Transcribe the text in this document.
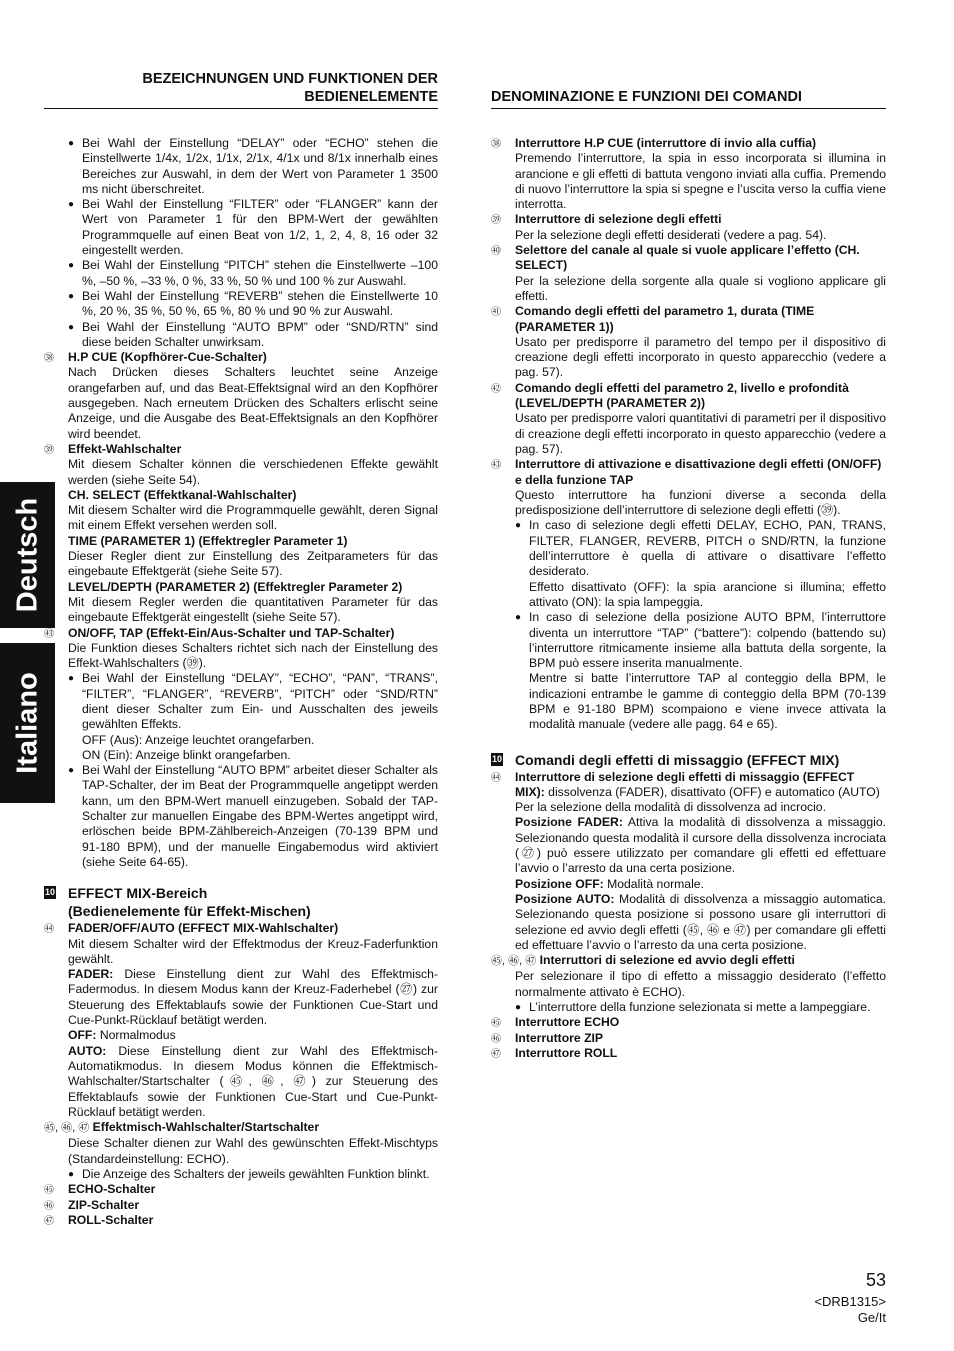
BEZEICHNUNGEN UND FUNKTIONEN DER BEDIENELEMENTE
● Bei Wahl der Einstellung “DELAY” oder “ECHO” stehen die Einstellwerte 1/4x, 1/2x, 1/1x, 2/1x, 4/1x und 8/1x innerhalb eines Bereiches zur Auswahl, in dem der Wert von Parameter 1 3500 ms nicht überschreitet.
● Bei Wahl der Einstellung “FILTER” oder “FLANGER” kann der Wert von Parameter 1 für den BPM-Wert der gewählten Programmquelle auf einen Beat von 1/2, 1, 2, 4, 8, 16 oder 32 eingestellt werden.
● Bei Wahl der Einstellung “PITCH” stehen die Einstellwerte –100 %, –50 %, –33 %, 0 %, 33 %, 50 % und 100 % zur Auswahl.
● Bei Wahl der Einstellung “REVERB” stehen die Einstellwerte 10 %, 20 %, 35 %, 50 %, 65 %, 80 % und 90 % zur Auswahl.
● Bei Wahl der Einstellung “AUTO BPM” oder “SND/RTN” sind diese beiden Schalter unwirksam.
㊳ H.P CUE (Kopfhörer-Cue-Schalter)
Nach Drücken dieses Schalters leuchtet seine Anzeige orangefarben auf, und das Beat-Effektsignal wird an den Kopfhörer ausgegeben. Nach erneutem Drücken des Schalters erlischt seine Anzeige, und die Ausgabe des Beat-Effektsignals an den Kopfhörer wird beendet.
㊴ Effekt-Wahlschalter
Mit diesem Schalter können die verschiedenen Effekte gewählt werden (siehe Seite 54).
CH. SELECT (Effektkanal-Wahlschalter)
Mit diesem Schalter wird die Programmquelle gewählt, deren Signal mit einem Effekt versehen werden soll.
TIME (PARAMETER 1) (Effektregler Parameter 1)
Dieser Regler dient zur Einstellung des Zeitparameters für das eingebaute Effektgerät (siehe Seite 57).
LEVEL/DEPTH (PARAMETER 2) (Effektregler Parameter 2)
Mit diesem Regler werden die quantitativen Parameter für das eingebaute Effektgerät eingestellt (siehe Seite 57).
㊸ ON/OFF, TAP (Effekt-Ein/Aus-Schalter und TAP-Schalter)
Die Funktion dieses Schalters richtet sich nach der Einstellung des Effekt-Wahlschalters (㊴).
● Bei Wahl der Einstellung “DELAY”, “ECHO”, “PAN”, “TRANS”, “FILTER”, “FLANGER”, “REVERB”, “PITCH” oder “SND/RTN” dient dieser Schalter zum Ein- und Ausschalten des jeweils gewählten Effekts.
OFF (Aus): Anzeige leuchtet orangefarben.
ON (Ein): Anzeige blinkt orangefarben.
● Bei Wahl der Einstellung “AUTO BPM” arbeitet dieser Schalter als TAP-Schalter, der im Beat der Programmquelle angetippt werden kann, um den BPM-Wert manuell einzugeben. Sobald der TAP-Schalter zur manuellen Eingabe des BPM-Wertes angetippt wird, erlöschen beide BPM-Zählbereich-Anzeigen (70-139 BPM und 91-180 BPM), und der manuelle Eingabemodus wird aktiviert (siehe Seite 64-65).
10 EFFECT MIX-Bereich
(Bedienelemente für Effekt-Mischen)
㊹ FADER/OFF/AUTO (EFFECT MIX-Wahlschalter)
Mit diesem Schalter wird der Effektmodus der Kreuz-Faderfunktion gewählt.
FADER: Diese Einstellung dient zur Wahl des Effektmisch-Fadermodus. In diesem Modus kann der Kreuz-Faderhebel (㉗) zur Steuerung des Effektablaufs sowie der Funktionen Cue-Start und Cue-Punkt-Rücklauf betätigt werden.
OFF: Normalmodus
AUTO: Diese Einstellung dient zur Wahl des Effektmisch-Automatikmodus. In diesem Modus können die Effektmisch-Wahlschalter/Startschalter (㊺, ㊻, ㊼) zur Steuerung des Effektablaufs sowie der Funktionen Cue-Start und Cue-Punkt-Rücklauf betätigt werden.
㊺, ㊻, ㊼ Effektmisch-Wahlschalter/Startschalter
Diese Schalter dienen zur Wahl des gewünschten Effekt-Mischtyps (Standardeinstellung: ECHO).
● Die Anzeige des Schalters der jeweils gewählten Funktion blinkt.
㊺ ECHO-Schalter
㊻ ZIP-Schalter
㊼ ROLL-Schalter
DENOMINAZIONE E FUNZIONI DEI COMANDI
㊳ Interruttore H.P CUE (interruttore di invio alla cuffia)
Premendo l’interruttore, la spia in esso incorporata si illumina in arancione e gli effetti di battuta vengono inviati alla cuffia. Premendo di nuovo l’interruttore la spia si spegne e l’uscita verso la cuffia viene interrotta.
㊴ Interruttore di selezione degli effetti
Per la selezione degli effetti desiderati (vedere a pag. 54).
㊵ Selettore del canale al quale si vuole applicare l’effetto (CH. SELECT)
Per la selezione della sorgente alla quale si vogliono applicare gli effetti.
㊶ Comando degli effetti del parametro 1, durata (TIME (PARAMETER 1))
Usato per predisporre il parametro del tempo per il dispositivo di creazione degli effetti incorporato in questo apparecchio (vedere a pag. 57).
㊷ Comando degli effetti del parametro 2, livello e profondità (LEVEL/DEPTH (PARAMETER 2))
Usato per predisporre valori quantitativi di parametri per il dispositivo di creazione degli effetti incorporato in questo apparecchio (vedere a pag. 57).
㊸ Interruttore di attivazione e disattivazione degli effetti (ON/OFF) e della funzione TAP
Questo interruttore ha funzioni diverse a seconda della predisposizione dell’interruttore di selezione degli effetti (㊴).
● In caso di selezione degli effetti DELAY, ECHO, PAN, TRANS, FILTER, FLANGER, REVERB, PITCH o SND/RTN, la funzione dell’interruttore è quella di attivare o disattivare l’effetto desiderato.
Effetto disattivato (OFF): la spia arancione si illumina; effetto attivato (ON): la spia lampeggia.
● In caso di selezione della posizione AUTO BPM, l’interruttore diventa un interruttore “TAP” (“battere”): colpendo (battendo su) l’interruttore ritmicamente insieme alla battuta della sorgente, la BPM può essere inserita manualmente.
Mentre si batte l’interruttore TAP al conteggio della BPM, le indicazioni entrambe le gamme di conteggio della BPM (70-139 BPM e 91-180 BPM) scompaiono e viene invece attivata la modalità manuale (vedere alle pagg. 64 e 65).
10 Comandi degli effetti di missaggio (EFFECT MIX)
㊹ Interruttore di selezione degli effetti di missaggio (EFFECT MIX): dissolvenza (FADER), disattivato (OFF) e automatico (AUTO)
Per la selezione della modalità di dissolvenza ad incrocio.
Posizione FADER: Attiva la modalità di dissolvenza a missaggio. Selezionando questa modalità il cursore della dissolvenza incrociata (㉗) può essere utilizzato per comandare gli effetti ed effettuare l’avvio o l’arresto da una certa posizione.
Posizione OFF: Modalità normale.
Posizione AUTO: Modalità di dissolvenza a missaggio automatica. Selezionando questa posizione si possono usare gli interruttori di selezione ed avvio degli effetti (㊺, ㊻ e ㊼) per comandare gli effetti ed effettuare l’avvio o l’arresto da una certa posizione.
㊺, ㊻, ㊼ Interruttori di selezione ed avvio degli effetti
Per selezionare il tipo di effetto a missaggio desiderato (l’effetto normalmente attivato è ECHO).
● L’interruttore della funzione selezionata si mette a lampeggiare.
㊺ Interruttore ECHO
㊻ Interruttore ZIP
㊼ Interruttore ROLL
Deutsch
Italiano
53
<DRB1315>
Ge/It
